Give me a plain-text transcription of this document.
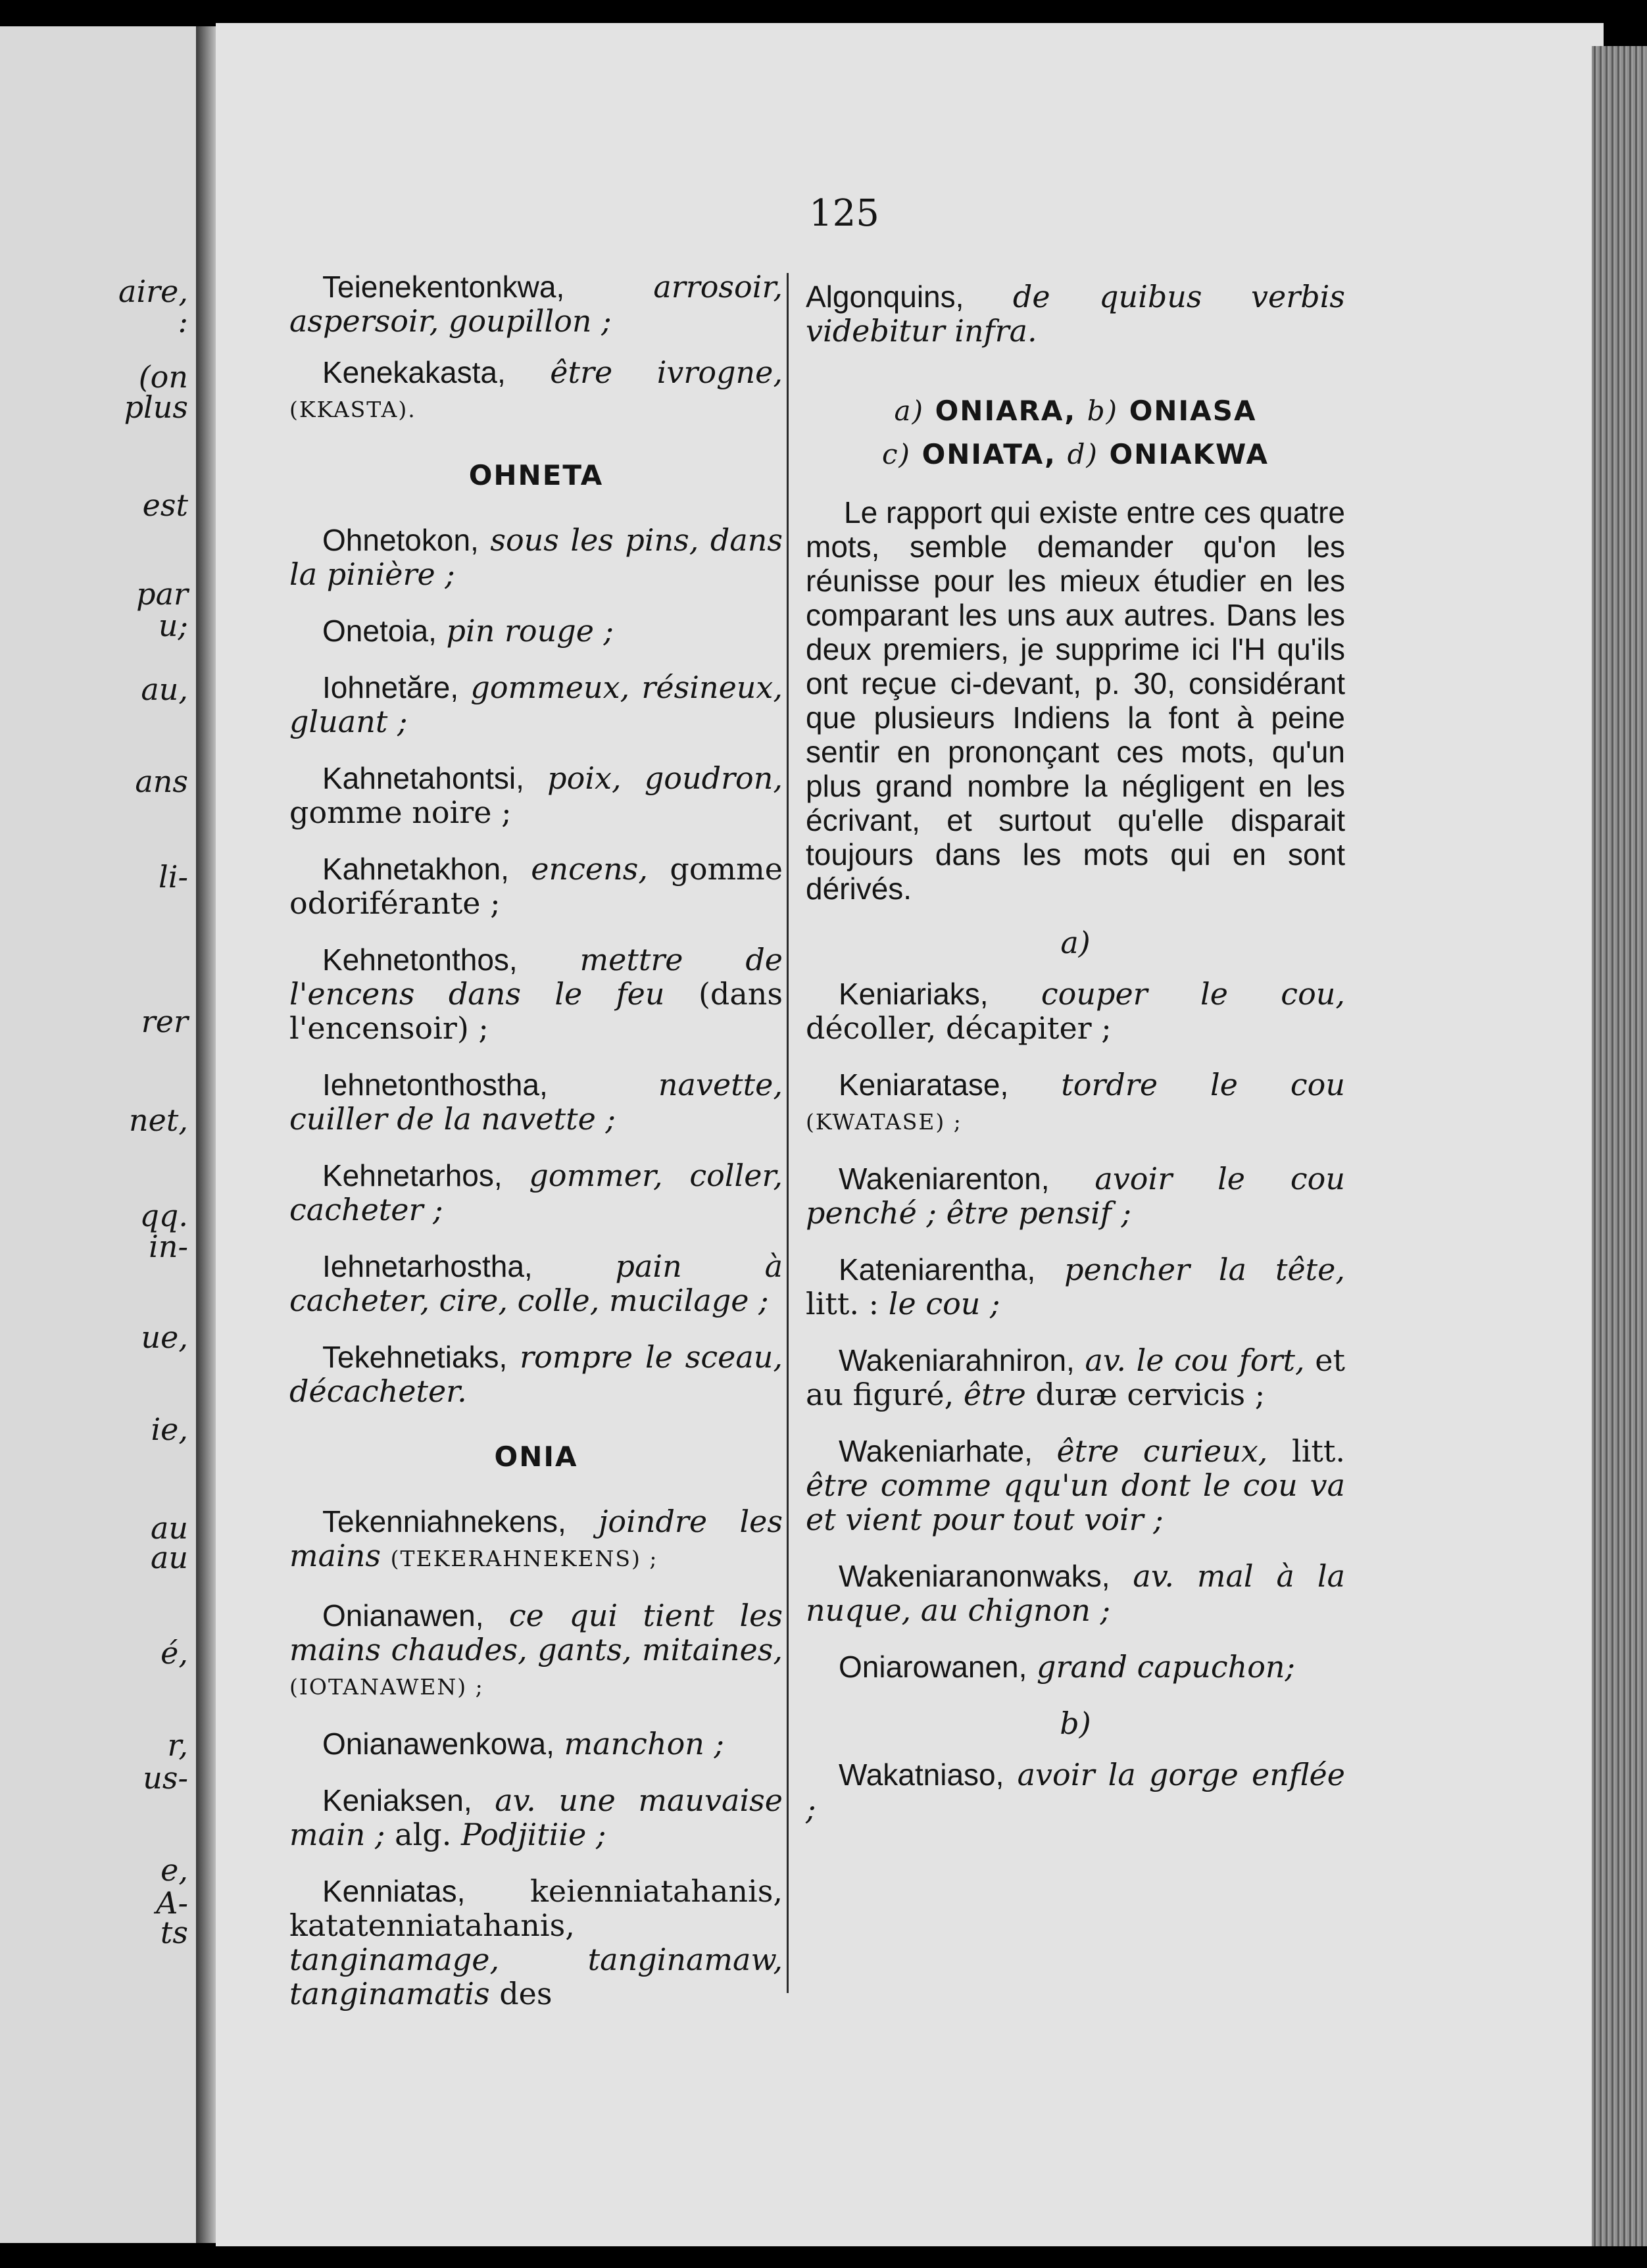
aire,
:
(on
plus
est
par
u;
au,
ans
li-
rer
net,
qq.
in-
ue,
ie,
au
au
é,
r,
us-
e,
A-
ts
125
Teienekentonkwa,	arrosoir, aspersoir, goupillon ;
Kenekakasta, être ivrogne, (KKASTA).
OHNETA
Ohnetokon, sous les pins, dans la pinière ;
Onetoia, pin rouge ;
Iohnetăre, gommeux, résineux, gluant ;
Kahnetahontsi, poix, goudron, gomme noire ;
Kahnetakhon, encens, gomme odoriférante ;
Kehnetonthos, mettre de l'encens dans le feu (dans l'encensoir) ;
Iehnetonthostha,	navette, cuiller de la navette ;
Kehnetarhos, gommer, coller, cacheter ;
Iehnetarhostha,	pain à cacheter, cire, colle, mucilage ;
Tekehnetiaks, rompre le sceau, décacheter.
ONIA
Tekenniahnekens, joindre les mains (TEKERAHNEKENS) ;
Onianawen, ce qui tient les mains chaudes, gants, mitaines, (IOTANAWEN) ;
Onianawenkowa, manchon ;
Keniaksen, av. une mauvaise main ; alg. Podjitiie ;
Kenniatas, keienniatahanis, katatenniatahanis, tanginamage, tanginamaw, tanginamatis des
Algonquins, de quibus verbis videbitur infra.
a) ONIARA, b) ONIASA
c) ONIATA, d) ONIAKWA
Le rapport qui existe entre ces quatre mots, semble demander qu'on les réunisse pour les mieux étudier en les comparant les uns aux autres. Dans les deux premiers, je supprime ici l'H qu'ils ont reçue ci-devant, p. 30, considérant que plusieurs Indiens la font à peine sentir en prononçant ces mots, qu'un plus grand nombre la négligent en les écrivant, et surtout qu'elle disparait toujours dans les mots qui en sont dérivés.
a)
Keniariaks, couper le cou, décoller, décapiter ;
Keniaratase, tordre le cou (KWATASE) ;
Wakeniarenton, avoir le cou penché ; être pensif ;
Kateniarentha, pencher la tête, litt. : le cou ;
Wakeniarahniron, av. le cou fort, et au figuré, être duræ cervicis ;
Wakeniarhate, être curieux, litt. être comme qqu'un dont le cou va et vient pour tout voir ;
Wakeniaranonwaks, av. mal à la nuque, au chignon ;
Oniarowanen, grand capuchon;
b)
Wakatniaso, avoir la gorge enflée ;
